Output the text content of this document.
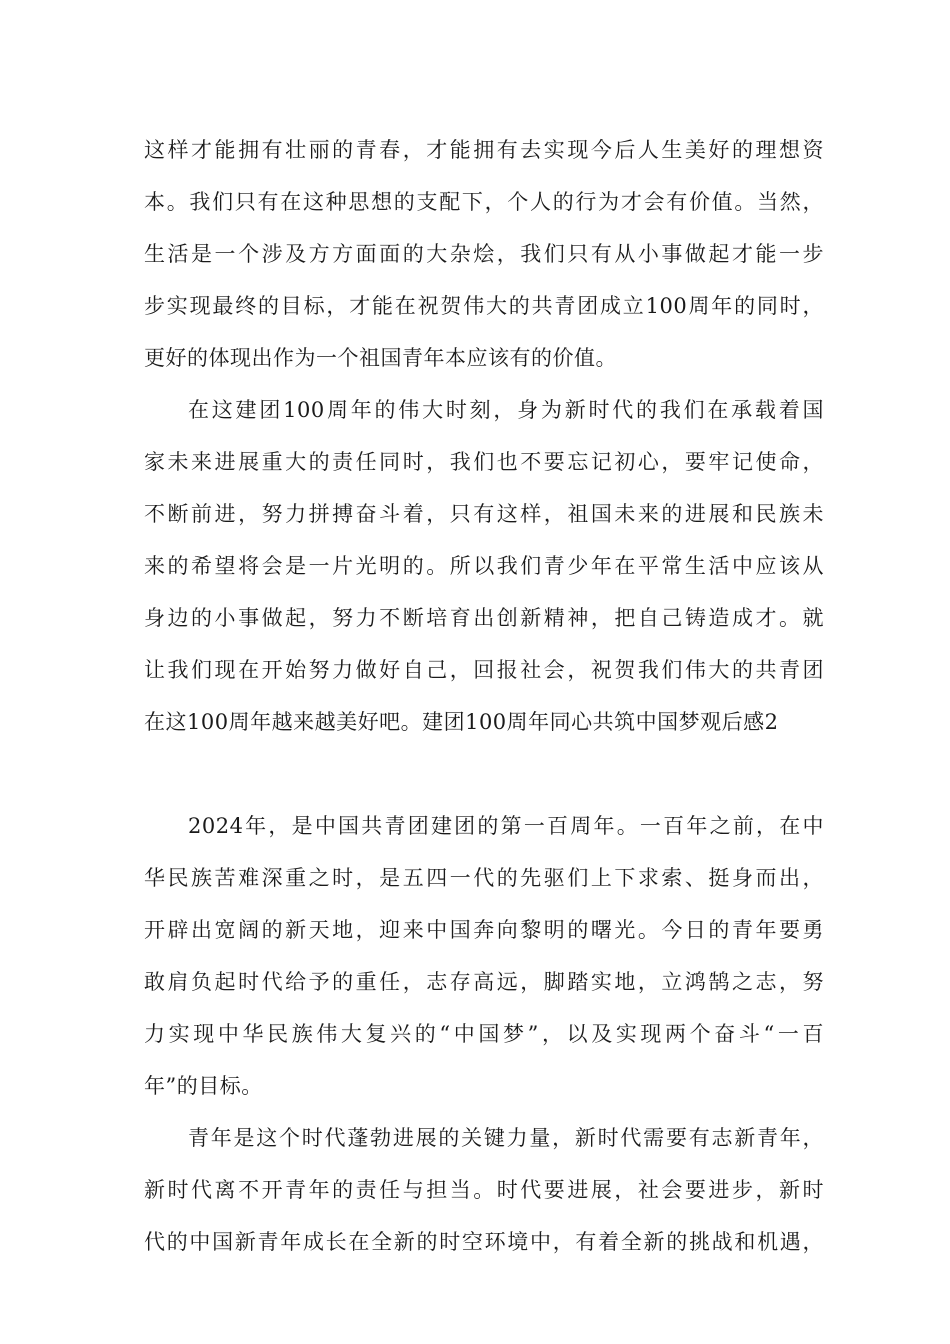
这样才能拥有壮丽的青春，才能拥有去实现今后人生美好的理想资
本。我们只有在这种思想的支配下，个人的行为才会有价值。当然，
生活是一个涉及方方面面的大杂烩，我们只有从小事做起才能一步
步实现最终的目标，才能在祝贺伟大的共青团成立100周年的同时，
更好的体现出作为一个祖国青年本应该有的价值。
在这建团100周年的伟大时刻，身为新时代的我们在承载着国
家未来进展重大的责任同时，我们也不要忘记初心，要牢记使命，
不断前进，努力拼搏奋斗着，只有这样，祖国未来的进展和民族未
来的希望将会是一片光明的。所以我们青少年在平常生活中应该从
身边的小事做起，努力不断培育出创新精神，把自己铸造成才。就
让我们现在开始努力做好自己，回报社会，祝贺我们伟大的共青团
在这100周年越来越美好吧。建团100周年同心共筑中国梦观后感2
2024年，是中国共青团建团的第一百周年。一百年之前，在中
华民族苦难深重之时，是五四一代的先驱们上下求索、挺身而出，
开辟出宽阔的新天地，迎来中国奔向黎明的曙光。今日的青年要勇
敢肩负起时代给予的重任，志存高远，脚踏实地，立鸿鹄之志，努
力实现中华民族伟大复兴的“中国梦”，以及实现两个奋斗“一百
年”的目标。
青年是这个时代蓬勃进展的关键力量，新时代需要有志新青年，
新时代离不开青年的责任与担当。时代要进展，社会要进步，新时
代的中国新青年成长在全新的时空环境中，有着全新的挑战和机遇，
